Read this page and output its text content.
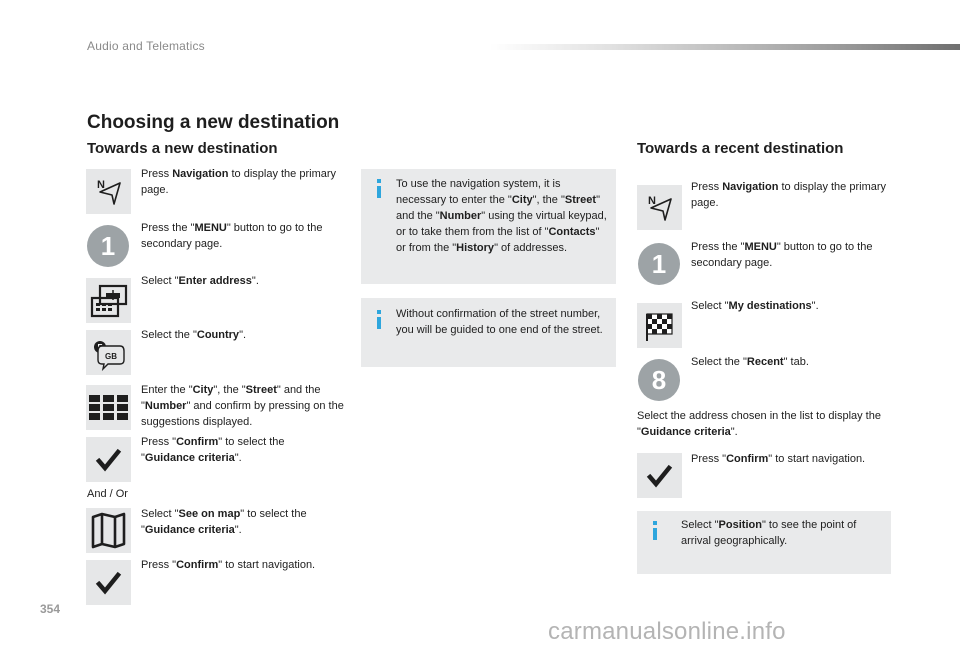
Audio and Telematics
Choosing a new destination
Towards a new destination
N
Press Navigation to display the primary page.
1
Press the "MENU" button to go to the secondary page.
Select "Enter address".
GB
Select the "Country".
Enter the "City", the "Street" and the "Number" and confirm by pressing on the suggestions displayed.
Press "Confirm" to select the "Guidance criteria".
And / Or
Select "See on map" to select the "Guidance criteria".
Press "Confirm" to start navigation.
To use the navigation system, it is necessary to enter the "City", the "Street" and the "Number" using the virtual keypad, or to take them from the list of "Contacts" or from the "History" of addresses.
Without confirmation of the street number, you will be guided to one end of the street.
Towards a recent destination
N
Press Navigation to display the primary page.
1
Press the "MENU" button to go to the secondary page.
Select "My destinations".
8
Select the "Recent" tab.
Select the address chosen in the list to display the "Guidance criteria".
Press "Confirm" to start navigation.
Select "Position" to see the point of arrival geographically.
354
carmanualsonline.info
